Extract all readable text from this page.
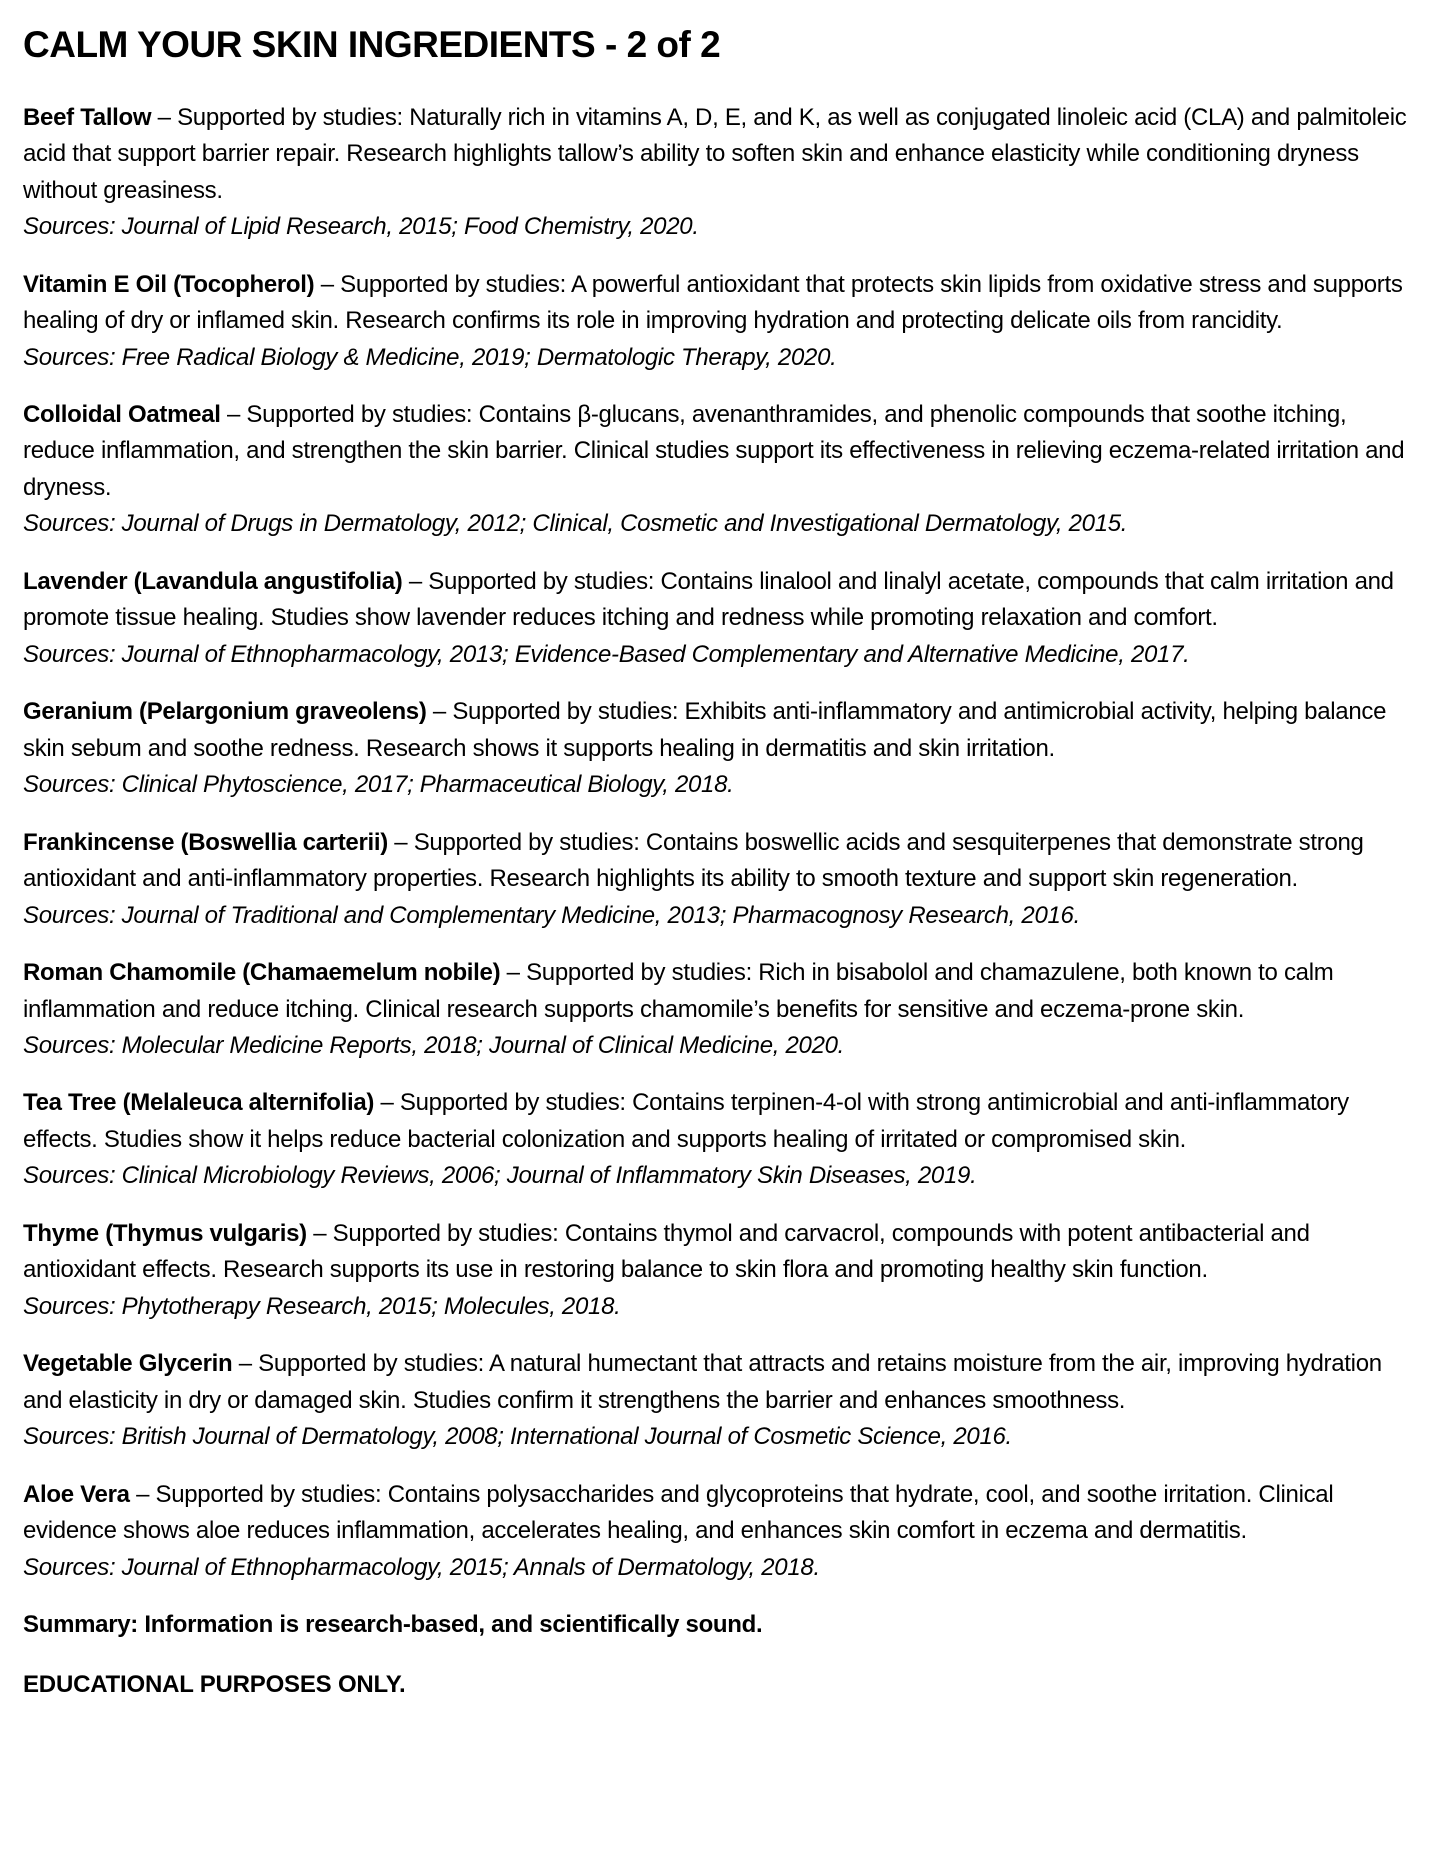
CALM YOUR SKIN INGREDIENTS - 2 of 2

Beef Tallow – Supported by studies: Naturally rich in vitamins A, D, E, and K, as well as conjugated linoleic acid (CLA) and palmitoleic acid that support barrier repair. Research highlights tallow’s ability to soften skin and enhance elasticity while conditioning dryness without greasiness.

Sources: Journal of Lipid Research, 2015; Food Chemistry, 2020.

Vitamin E Oil (Tocopherol) – Supported by studies: A powerful antioxidant that protects skin lipids from oxidative stress and supports healing of dry or inflamed skin. Research confirms its role in improving hydration and protecting delicate oils from rancidity.

Sources: Free Radical Biology & Medicine, 2019; Dermatologic Therapy, 2020.

Colloidal Oatmeal – Supported by studies: Contains β-glucans, avenanthramides, and phenolic compounds that soothe itching, reduce inflammation, and strengthen the skin barrier. Clinical studies support its effectiveness in relieving eczema-related irritation and dryness.

Sources: Journal of Drugs in Dermatology, 2012; Clinical, Cosmetic and Investigational Dermatology, 2015.

Lavender (Lavandula angustifolia) – Supported by studies: Contains linalool and linalyl acetate, compounds that calm irritation and promote tissue healing. Studies show lavender reduces itching and redness while promoting relaxation and comfort.

Sources: Journal of Ethnopharmacology, 2013; Evidence-Based Complementary and Alternative Medicine, 2017.

Geranium (Pelargonium graveolens) – Supported by studies: Exhibits anti-inflammatory and antimicrobial activity, helping balance skin sebum and soothe redness. Research shows it supports healing in dermatitis and skin irritation.

Sources: Clinical Phytoscience, 2017; Pharmaceutical Biology, 2018.

Frankincense (Boswellia carterii) – Supported by studies: Contains boswellic acids and sesquiterpenes that demonstrate strong antioxidant and anti-inflammatory properties. Research highlights its ability to smooth texture and support skin regeneration.

Sources: Journal of Traditional and Complementary Medicine, 2013; Pharmacognosy Research, 2016.

Roman Chamomile (Chamaemelum nobile) – Supported by studies: Rich in bisabolol and chamazulene, both known to calm inflammation and reduce itching. Clinical research supports chamomile’s benefits for sensitive and eczema-prone skin.

Sources: Molecular Medicine Reports, 2018; Journal of Clinical Medicine, 2020.

Tea Tree (Melaleuca alternifolia) – Supported by studies: Contains terpinen-4-ol with strong antimicrobial and anti-inflammatory effects. Studies show it helps reduce bacterial colonization and supports healing of irritated or compromised skin.

Sources: Clinical Microbiology Reviews, 2006; Journal of Inflammatory Skin Diseases, 2019.

Thyme (Thymus vulgaris) – Supported by studies: Contains thymol and carvacrol, compounds with potent antibacterial and antioxidant effects. Research supports its use in restoring balance to skin flora and promoting healthy skin function.

Sources: Phytotherapy Research, 2015; Molecules, 2018.

Vegetable Glycerin – Supported by studies: A natural humectant that attracts and retains moisture from the air, improving hydration and elasticity in dry or damaged skin. Studies confirm it strengthens the barrier and enhances smoothness.

Sources: British Journal of Dermatology, 2008; International Journal of Cosmetic Science, 2016.

Aloe Vera – Supported by studies: Contains polysaccharides and glycoproteins that hydrate, cool, and soothe irritation. Clinical evidence shows aloe reduces inflammation, accelerates healing, and enhances skin comfort in eczema and dermatitis.

Sources: Journal of Ethnopharmacology, 2015; Annals of Dermatology, 2018.

Summary: Information is research-based, and scientifically sound.

EDUCATIONAL PURPOSES ONLY.
